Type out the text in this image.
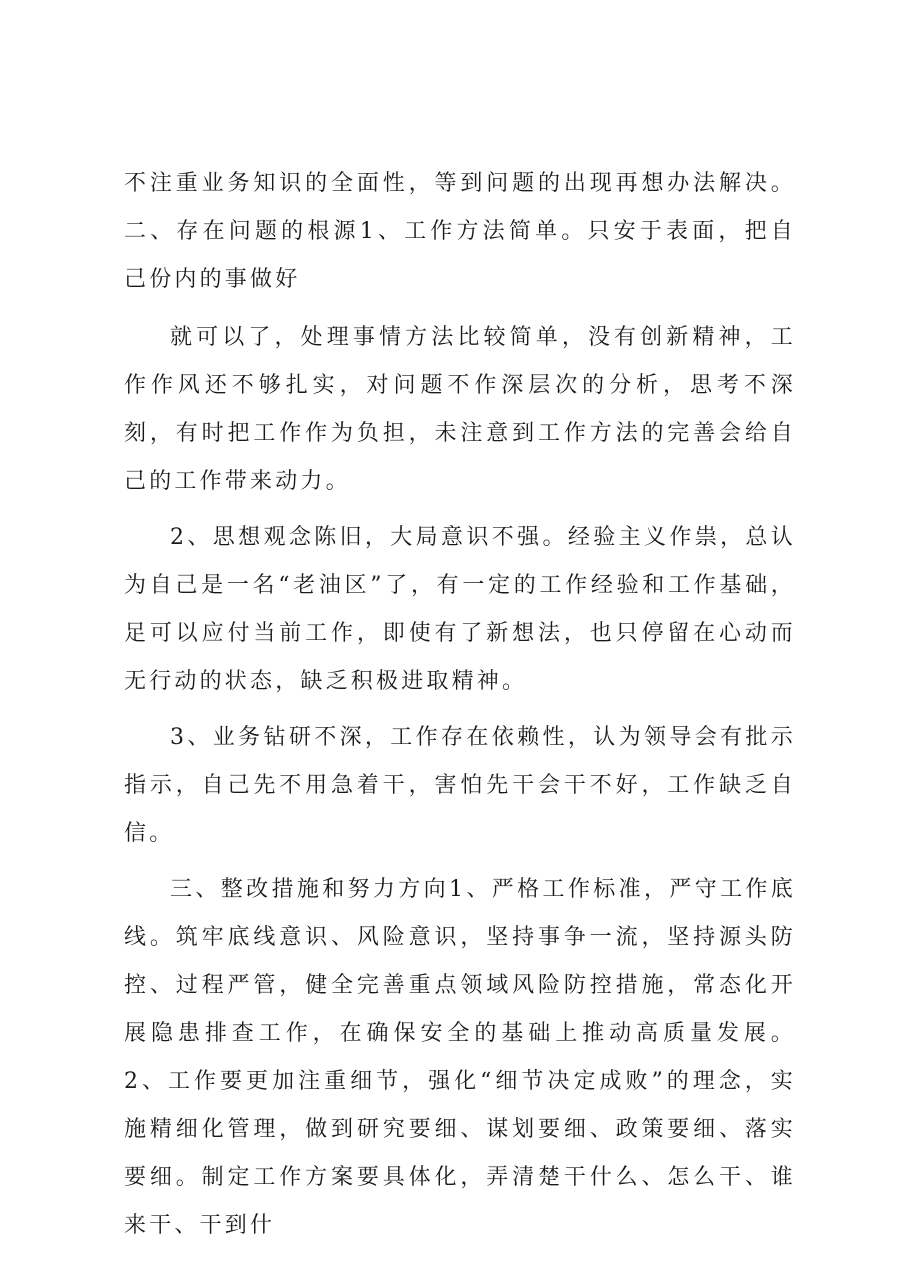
不注重业务知识的全面性，等到问题的出现再想办法解决。二、存在问题的根源1、工作方法简单。只安于表面，把自己份内的事做好

就可以了，处理事情方法比较简单，没有创新精神，工作作风还不够扎实，对问题不作深层次的分析，思考不深刻，有时把工作作为负担，未注意到工作方法的完善会给自己的工作带来动力。

2、思想观念陈旧，大局意识不强。经验主义作祟，总认为自己是一名“老油区”了，有一定的工作经验和工作基础，足可以应付当前工作，即使有了新想法，也只停留在心动而无行动的状态，缺乏积极进取精神。

3、业务钻研不深，工作存在依赖性，认为领导会有批示指示，自己先不用急着干，害怕先干会干不好，工作缺乏自信。

三、整改措施和努力方向1、严格工作标准，严守工作底线。筑牢底线意识、风险意识，坚持事争一流，坚持源头防控、过程严管，健全完善重点领域风险防控措施，常态化开展隐患排查工作，在确保安全的基础上推动高质量发展。2、工作要更加注重细节，强化“细节决定成败”的理念，实施精细化管理，做到研究要细、谋划要细、政策要细、落实要细。制定工作方案要具体化，弄清楚干什么、怎么干、谁来干、干到什
